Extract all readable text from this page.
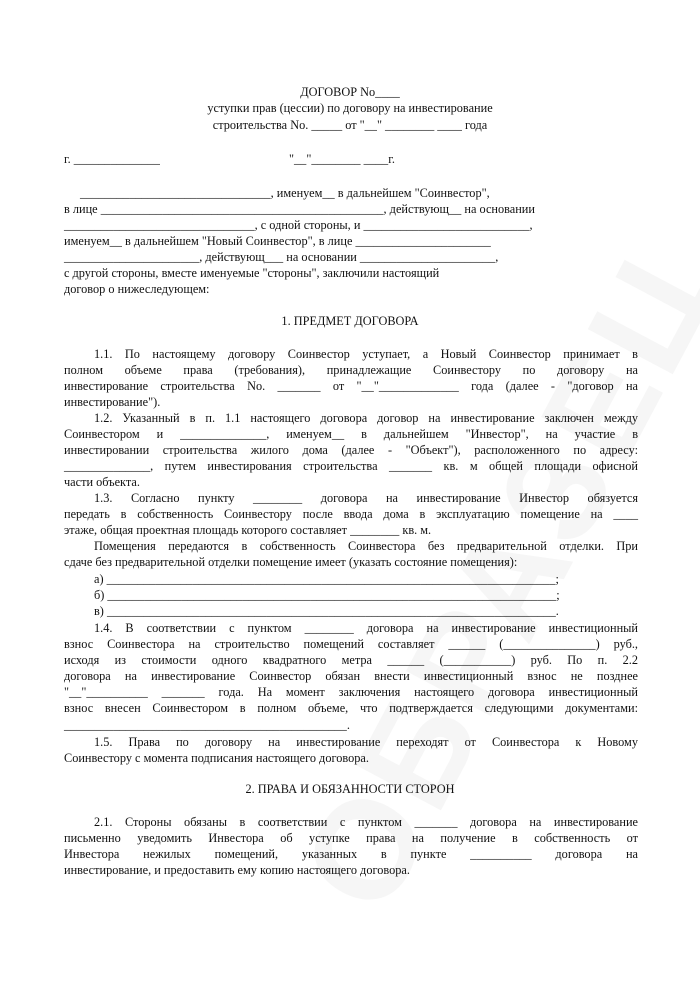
ДОГОВОР No____
уступки прав (цессии) по договору на инвестирование
строительства No. _____ от "__" ________ ____ года
г. ______________	"__"________ ____г.
_______________________________, именуем__ в дальнейшем "Соинвестор",
в лице ______________________________________________, действующ__ на основании
_______________________________, с одной стороны, и ___________________________,
именуем__ в дальнейшем "Новый Соинвестор", в лице ______________________
______________________, действующ___ на основании ______________________,
с другой стороны, вместе именуемые "стороны", заключили настоящий
договор о нижеследующем:
1. ПРЕДМЕТ ДОГОВОРА
1.1. По настоящему договору Соинвестор уступает, а Новый Соинвестор принимает в
полном объеме права (требования), принадлежащие Соинвестору по договору на
инвестирование строительства No. _______ от "__"_____________ года (далее - "договор на
инвестирование").
1.2. Указанный в п. 1.1 настоящего договора договор на инвестирование заключен между
Соинвестором и ______________, именуем__ в дальнейшем "Инвестор", на участие в
инвестировании строительства жилого дома (далее - "Объект"), расположенного по адресу:
______________, путем инвестирования строительства _______ кв. м общей площади офисной
части объекта.
1.3. Согласно пункту ________ договора на инвестирование Инвестор обязуется
передать в собственность Соинвестору после ввода дома в эксплуатацию помещение на ____
этаже, общая проектная площадь которого составляет ________ кв. м.
Помещения передаются в собственность Соинвестора без предварительной отделки. При
сдаче без предварительной отделки помещение имеет (указать состояние помещения):
а) _________________________________________________________________________;
б) _________________________________________________________________________;
в) _________________________________________________________________________.
1.4. В соответствии с пунктом ________ договора на инвестирование инвестиционный
взнос Соинвестора на строительство помещений составляет ______ (_______________) руб.,
исходя из стоимости одного квадратного метра ______ (___________) руб. По п. 2.2
договора на инвестирование Соинвестор обязан внести инвестиционный взнос не позднее
"__"__________ _______ года. На момент заключения настоящего договора инвестиционный
взнос внесен Соинвестором в полном объеме, что подтверждается следующими документами:
______________________________________________.
1.5. Права по договору на инвестирование переходят от Соинвестора к Новому
Соинвестору с момента подписания настоящего договора.
2. ПРАВА И ОБЯЗАННОСТИ СТОРОН
2.1. Стороны обязаны в соответствии с пунктом _______ договора на инвестирование
письменно уведомить Инвестора об уступке права на получение в собственность от
Инвестора нежилых помещений, указанных в пункте __________ договора на
инвестирование, и предоставить ему копию настоящего договора.
